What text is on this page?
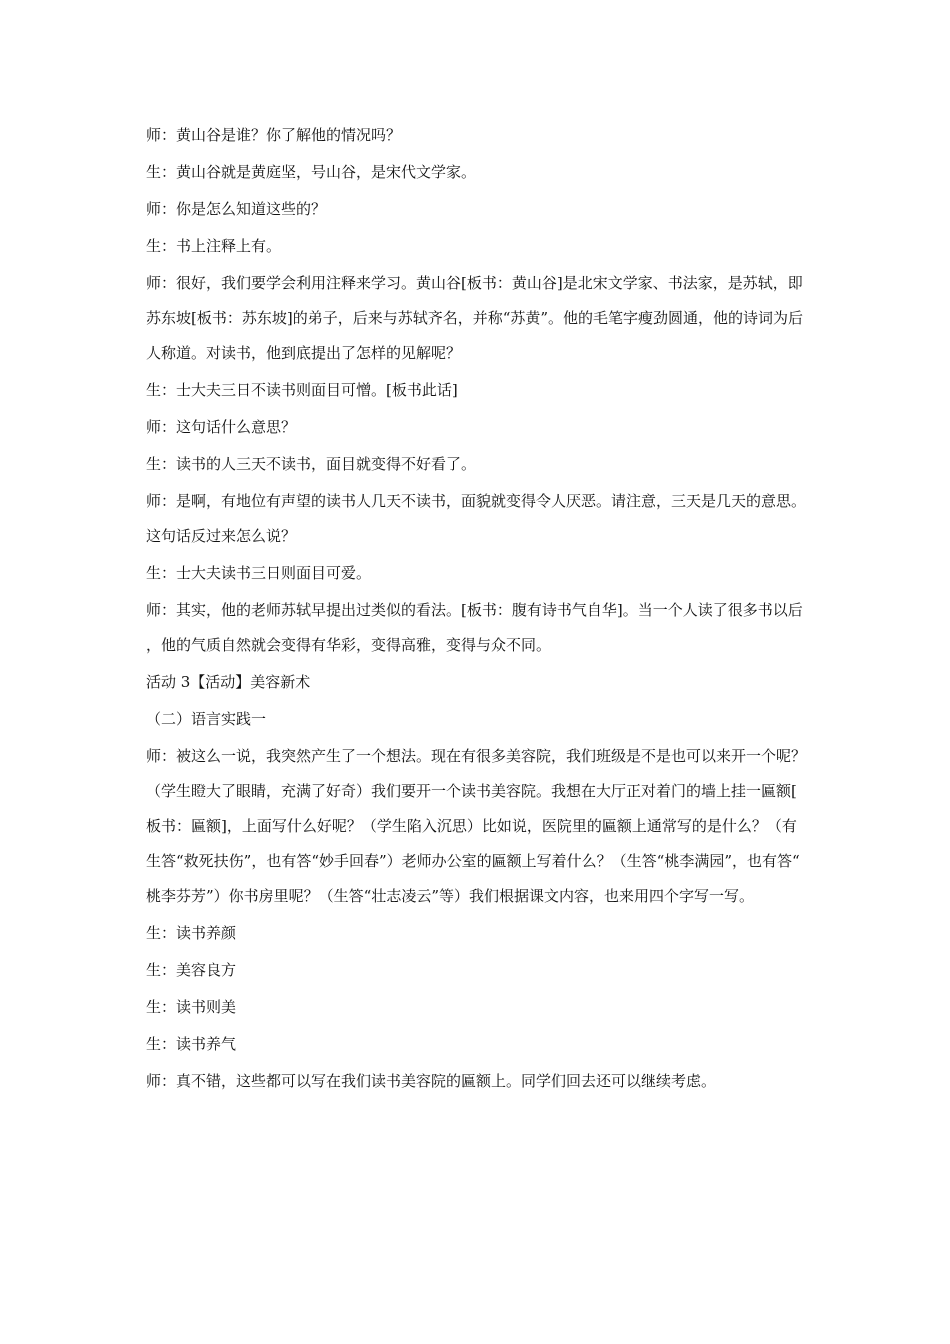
师：黄山谷是谁？你了解他的情况吗？

生：黄山谷就是黄庭坚，号山谷，是宋代文学家。

师：你是怎么知道这些的？

生：书上注释上有。

师：很好，我们要学会利用注释来学习。黄山谷[板书：黄山谷]是北宋文学家、书法家，是苏轼，即苏东坡[板书：苏东坡]的弟子，后来与苏轼齐名，并称“苏黄”。他的毛笔字瘦劲圆通，他的诗词为后人称道。对读书，他到底提出了怎样的见解呢？

生：士大夫三日不读书则面目可憎。[板书此话]

师：这句话什么意思？

生：读书的人三天不读书，面目就变得不好看了。

师：是啊，有地位有声望的读书人几天不读书，面貌就变得令人厌恶。请注意，三天是几天的意思。这句话反过来怎么说？

生：士大夫读书三日则面目可爱。

师：其实，他的老师苏轼早提出过类似的看法。[板书：腹有诗书气自华]。当一个人读了很多书以后，他的气质自然就会变得有华彩，变得高雅，变得与众不同。

活动 3【活动】美容新术

（二）语言实践一

师：被这么一说，我突然产生了一个想法。现在有很多美容院，我们班级是不是也可以来开一个呢？（学生瞪大了眼睛，充满了好奇）我们要开一个读书美容院。我想在大厅正对着门的墙上挂一匾额[板书：匾额]，上面写什么好呢？（学生陷入沉思）比如说，医院里的匾额上通常写的是什么？（有生答“救死扶伤”，也有答“妙手回春”）老师办公室的匾额上写着什么？（生答“桃李满园”，也有答“桃李芬芳”）你书房里呢？（生答“壮志凌云”等）我们根据课文内容，也来用四个字写一写。

生：读书养颜

生：美容良方

生：读书则美

生：读书养气

师：真不错，这些都可以写在我们读书美容院的匾额上。同学们回去还可以继续考虑。
